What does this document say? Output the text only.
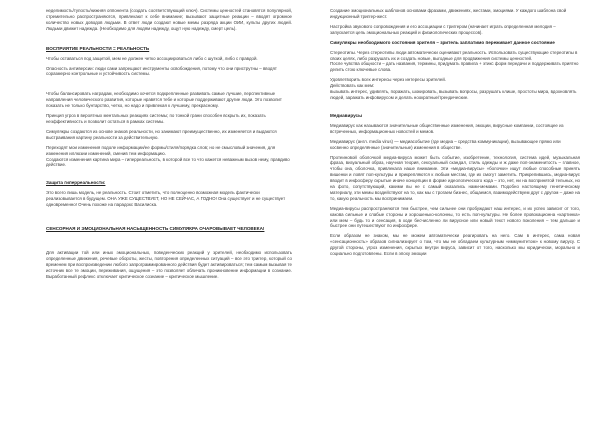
неделимость/тупость/нижняя оппонента (создать соответствующий ключ). Системы ценностей становятся популярной, стремительно распространяются, привлекают к себе внимание; вызывают защитные реакции – вводят огромное количество новых доводов людьми. В ответ люди создают новые мемы разряда акции ОИИ, культы других людей. Людьми движет надежда. (Необходимо для людям надежду, ощут ную надежду, смерт цель).

ВОСПРИЯТИЕ РЕАЛЬНОСТИ = РЕАЛЬНОСТЬ

Чтобы оставаться под защитой, мем не должен четко ассоциироваться либо с шуткой, либо с правдой.

Опасность антиверсии: люди сами запрещают инструменты освобождения, потому что они приструтны – вводят соразмерно контрольные и устойчивость системы.

Чтобы балансировать наградам, необходимо хочется подкрепленные развивать самые лучшие, перспективные направления человеческого развития, которые нравятся тебе и которые поддерживают другие люди. Это позволит показать не только бунтарство, четко, но надо и привлекая к лучшему, прекрасному.

Принцип угроз в вероятных ментальных реакциях системы; по тонкой грани способен вскрыть их, показать неэффективность и позволит остаться в рамках системы.

Симулякры создаются из основе знаков реальности, но занимают преимущественно, их изменяется и выдаются выстраивания картину реальности за действительную.

Переходят мои изменения подоле информации/ее формы/стиля/порядка слов; но не смысловый значения, для изменения иллюзии изменений, сменив тем информацию.

Создаются изменения картина мира – гиперреальность, в которой все то что кажется неважным вызов нему, правдиво действие.

Защита гиперреальности:

Это всего лишь модель, не реальность. Стоит отметить, что полноценно возможная модель фактически реализовывается в будущем. ОНА УЖЕ СУЩЕСТВУЕТ, НО НЕ СЕЙЧАС, А ГОДНО! Она существует и не существует одновременно! Очень похоже на парадокс Василиска.

СЕНСОРНАЯ И ЭМОЦИОНАЛЬНАЯ НАСЫЩЕННОСТЬ СИМУЛЯКРА ОЧАРОВЫВАЕТ ЧЕЛОВЕКА!

Для активации той или иных эмоциональных, поведенческих реакций у зрителей, необходимо использовать определенные движения, речевые обороты, жесты, повторения определенных ситуаций – все это триггер, который со временем при воспроизведении любого запрограммированного действия будет активироваться; тем самым вызывая те источник все те эмоции, переживания, ощущения – это позволяет обличать проникновение информации в сознание. Выработанный рефлекс отключает критическое сознание – критическое мышление.

Создание эмоциональных шаблонов основами фразами, движениях, жестами, эмоциями. У каждого шаблона свой индукционный триггер-жест.

Настройка звукового сопровождения и его ассоциации с триггером (начинает играть определенная мелодия – запускается цепь эмоциональных реакций и физиологических процессов).

Симулякры необходимого состояния зрителя – зритель заплатимо переживает данное состояние

Стереотипы. Через стереотипы люди автоматически оценивают реальность. Использовать существующие стереотипы в своих целях, либо разрушать их и создать новые, выгодные для продвижения системы ценностей.

После чувства общности – дать названия, термины, придумать правила + этикс форм передачи и поддерживать приятно делить стою ключевые слова.

Удовлетворить всех интересы через интересы зрителей.

Действовать как мем:

вызывать интерес, удивлять, поражать, шокировать, вызывать вопросы, разрушать клише, простоты мира, вдохновлять людей, заражать инфовирусом и делать ноократные/трендические.

Медиавирусы

Медиавирус как называются значительные общественные изменения, эмоции, вирусные компании, состоящее из встреченных, информационных новостей и мемов.

Медиавирус (англ. media virus) — медиасобытие (где медиа – средства коммуникации), вызывающее прямо или косвенно определённые (значительные) изменения в обществе.

Протеиновой оболочкой медиа-вируса может быть событие, изобретение, технология, система идей, музыкальная фраза, визуальный образ, научная теория, сексуальный скандал, стиль одежды и ж даже поп-знаменитость – главное, чтобы она, оболочка, привлекала наше внимание. Эти «медиа-вирусы» «болочки» ищут любые способные принять вишенки и ловят поп-культуры и прикрепляются к любым местам, где их смогут заметить. Прикрепившись, медиа-вирус вводит в инфосферу скрытые иначе концепции в форме идеологического кода – это, нет, ни на воспринятой тельных, но на фото, сопутствующий, какими вы не с самый оказались нами-мемами. Подобно настоящему генетическому материалу, эти мемы воздействуют на то, как мы с трогаем бизнес, общаемся, взаимодействуем друг с другом – даже на то, какую реальность мы воспринимаем.

Медиа-вирусы распространяются тем быстрее, чем сильнее они пробуждают наш интерес, и их успех зависит от того, какова сильные и слабые стороны и хорошенько-колонны, то есть поп-культуры. Не более провокационна «картинка» или мем – будь то и сенсация, в ходе бесчисленно ли вирусное или новый текст нового поколения – тем дальше и быстрее они путешествуют по инфосфере.

Если образом не знаком, мы не можем автоматически реагировать на него. Сам в интерес, сама новая «сенсационность» образов сигнализирует о том, что мы не обладаем культурным «иммунитетом» к новому вирусу. С другой стороны, угроз изменения, скрытых внутри вируса, зависит от того, насколько мы юридически, морально и социально подготовлены. Если в эпоху эмоции
